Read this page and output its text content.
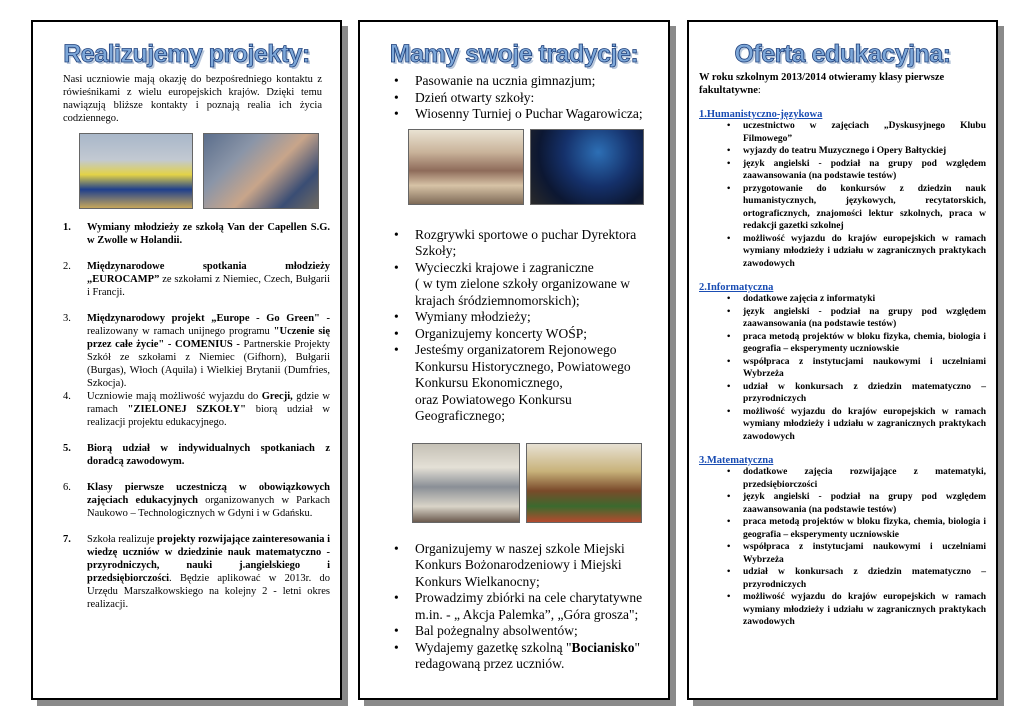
Realizujemy projekty:
Nasi uczniowie mają okazję do bezpośredniego kontaktu z rówieśnikami z wielu europejskich krajów. Dzięki temu nawiązują bliższe kontakty i poznają realia ich życia codziennego.
1. Wymiany młodzieży ze szkołą Van der Capellen S.G. w Zwolle w Holandii.
2. Międzynarodowe spotkania młodzieży „EUROCAMP” ze szkołami z Niemiec, Czech, Bułgarii i Francji.
3. Międzynarodowy projekt „Europe - Go Green" - realizowany w ramach unijnego programu "Uczenie się przez całe życie" - COMENIUS - Partnerskie Projekty Szkół ze szkołami z Niemiec (Gifhorn), Bułgarii (Burgas), Włoch (Aquila) i Wielkiej Brytanii (Dumfries, Szkocja).
4. Uczniowie mają możliwość wyjazdu do Grecji, gdzie w ramach "ZIELONEJ SZKOŁY" biorą udział w realizacji projektu edukacyjnego.
5. Biorą udział w indywidualnych spotkaniach z doradcą zawodowym.
6. Klasy pierwsze uczestniczą w obowiązkowych zajęciach edukacyjnych organizowanych w Parkach Naukowo – Technologicznych w Gdyni i w Gdańsku.
7. Szkoła realizuje projekty rozwijające zainteresowania i wiedzę uczniów w dziedzinie nauk matematyczno - przyrodniczych, nauki j.angielskiego i przedsiębiorczości. Będzie aplikować w 2013r. do Urzędu Marszałkowskiego na kolejny 2 - letni okres realizacji.
Mamy swoje tradycje:
• Pasowanie na ucznia gimnazjum;
• Dzień otwarty szkoły:
• Wiosenny Turniej o Puchar Wagarowicza;
• Rozgrywki sportowe o puchar Dyrektora Szkoły;
• Wycieczki krajowe i zagraniczne
( w tym zielone szkoły organizowane w krajach śródziemnomorskich);
• Wymiany młodzieży;
• Organizujemy koncerty WOŚP;
• Jesteśmy organizatorem Rejonowego Konkursu Historycznego, Powiatowego Konkursu Ekonomicznego,
oraz Powiatowego Konkursu Geograficznego;
• Organizujemy w naszej szkole Miejski Konkurs Bożonarodzeniowy i Miejski Konkurs Wielkanocny;
• Prowadzimy zbiórki na cele charytatywne m.in. - „ Akcja Palemka”, „Góra grosza";
• Bal pożegnalny absolwentów;
• Wydajemy gazetkę szkolną "Bocianisko" redagowaną przez uczniów.
Oferta edukacyjna:
W roku szkolnym 2013/2014 otwieramy klasy pierwsze fakultatywne:
1.Humanistyczno-językowa
• uczestnictwo w zajęciach „Dyskusyjnego Klubu Filmowego”
• wyjazdy do teatru Muzycznego i Opery Bałtyckiej
• język angielski - podział na grupy pod względem zaawansowania (na podstawie testów)
• przygotowanie do konkursów z dziedzin nauk humanistycznych, językowych, recytatorskich, ortograficznych, znajomości lektur szkolnych, praca w redakcji gazetki szkolnej
• możliwość wyjazdu do krajów europejskich w ramach wymiany młodzieży i udziału w zagranicznych praktykach zawodowych
2.Informatyczna
• dodatkowe zajęcia z informatyki
• język angielski - podział na grupy pod względem zaawansowania (na podstawie testów)
• praca metodą projektów w bloku fizyka, chemia, biologia i geografia – eksperymenty uczniowskie
• współpraca z instytucjami naukowymi i uczelniami Wybrzeża
• udział w konkursach z dziedzin matematyczno – przyrodniczych
• możliwość wyjazdu do krajów europejskich w ramach wymiany młodzieży i udziału w zagranicznych praktykach zawodowych
3.Matematyczna
• dodatkowe zajęcia rozwijające z matematyki, przedsiębiorczości
• język angielski - podział na grupy pod względem zaawansowania (na podstawie testów)
• praca metodą projektów w bloku fizyka, chemia, biologia i geografia – eksperymenty uczniowskie
• współpraca z instytucjami naukowymi i uczelniami Wybrzeża
• udział w konkursach z dziedzin matematyczno – przyrodniczych
• możliwość wyjazdu do krajów europejskich w ramach wymiany młodzieży i udziału w zagranicznych praktykach zawodowych
